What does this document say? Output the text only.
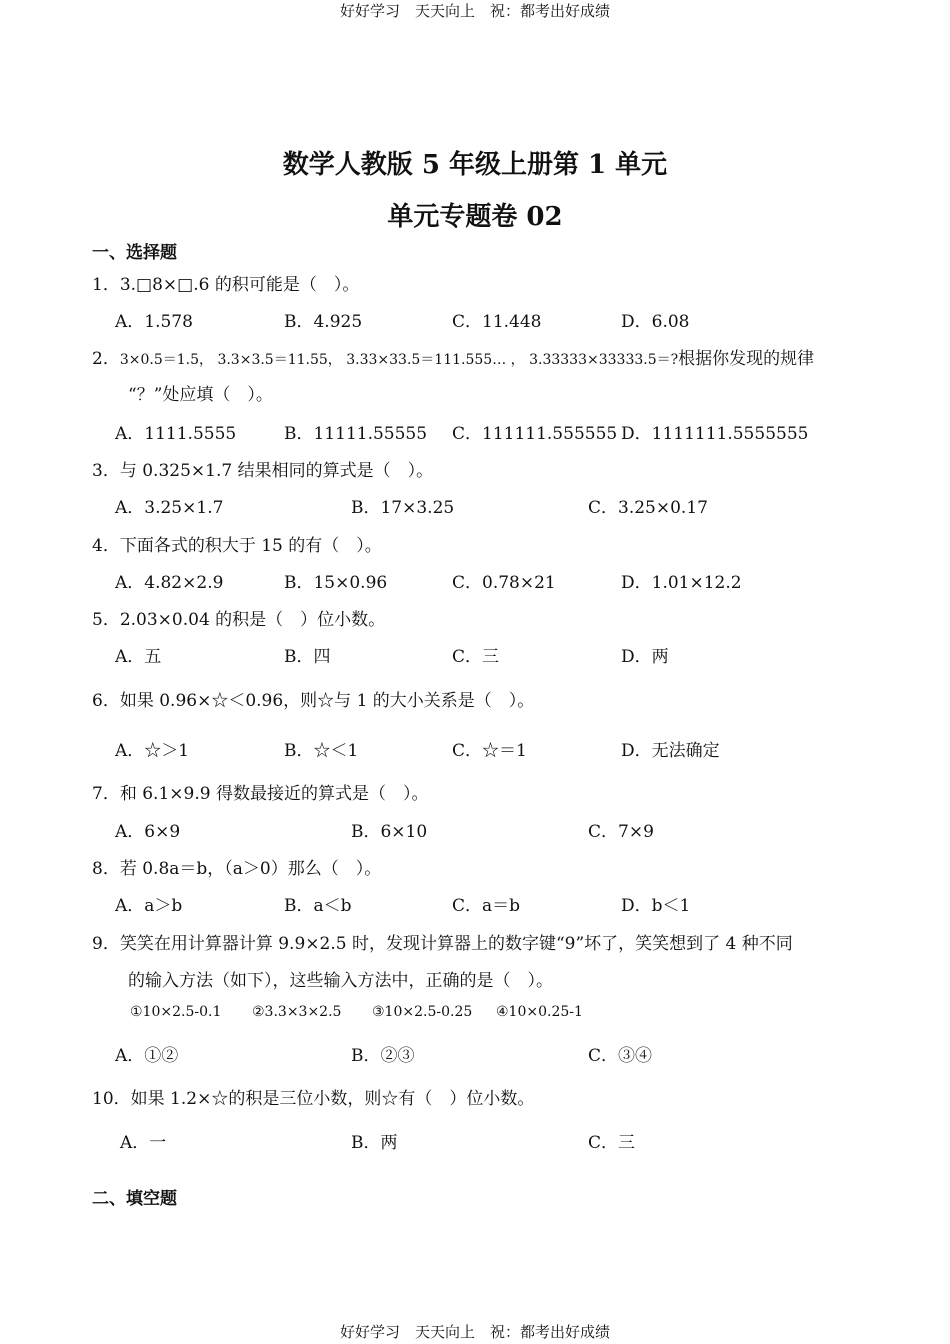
好好学习　天天向上　祝：都考出好成绩
数学人教版 5 年级上册第 1 单元
单元专题卷 02
一、选择题
1．3.□8×□.6 的积可能是（　）。
A．1.578	B．4.925	C．11.448	D．6.08
2．3×0.5＝1.5， 3.3×3.5＝11.55， 3.33×33.5＝111.555… ， 3.33333×33333.5＝?根据你发现的规律
“？”处应填（　）。
A．1111.5555	B．11111.55555 C．111111.555555 D．1111111.5555555
3．与 0.325×1.7 结果相同的算式是（　）。
A．3.25×1.7	B．17×3.25	C．3.25×0.17
4．下面各式的积大于 15 的有（　）。
A．4.82×2.9	B．15×0.96	C．0.78×21	D．1.01×12.2
5．2.03×0.04 的积是（　）位小数。
A．五	B．四	C．三	D．两
6．如果 0.96×☆＜0.96，则☆与 1 的大小关系是（　）。
A．☆＞1	B．☆＜1	C．☆＝1	D．无法确定
7．和 6.1×9.9 得数最接近的算式是（　）。
A．6×9	B．6×10	C．7×9
8．若 0.8a＝b，（a＞0）那么（　）。
A．a＞b	B．a＜b	C．a＝b	D．b＜1
9．笑笑在用计算器计算 9.9×2.5 时，发现计算器上的数字键“9”坏了，笑笑想到了 4 种不同
的输入方法（如下），这些输入方法中，正确的是（　）。
①10×2.5-0.1 ②3.3×3×2.5 ③10×2.5-0.25 ④10×0.25-1
A．①②	B．②③	C．③④
10．如果 1.2×☆的积是三位小数，则☆有（　）位小数。
A．一	B．两	C．三
二、填空题
好好学习　天天向上　祝：都考出好成绩
